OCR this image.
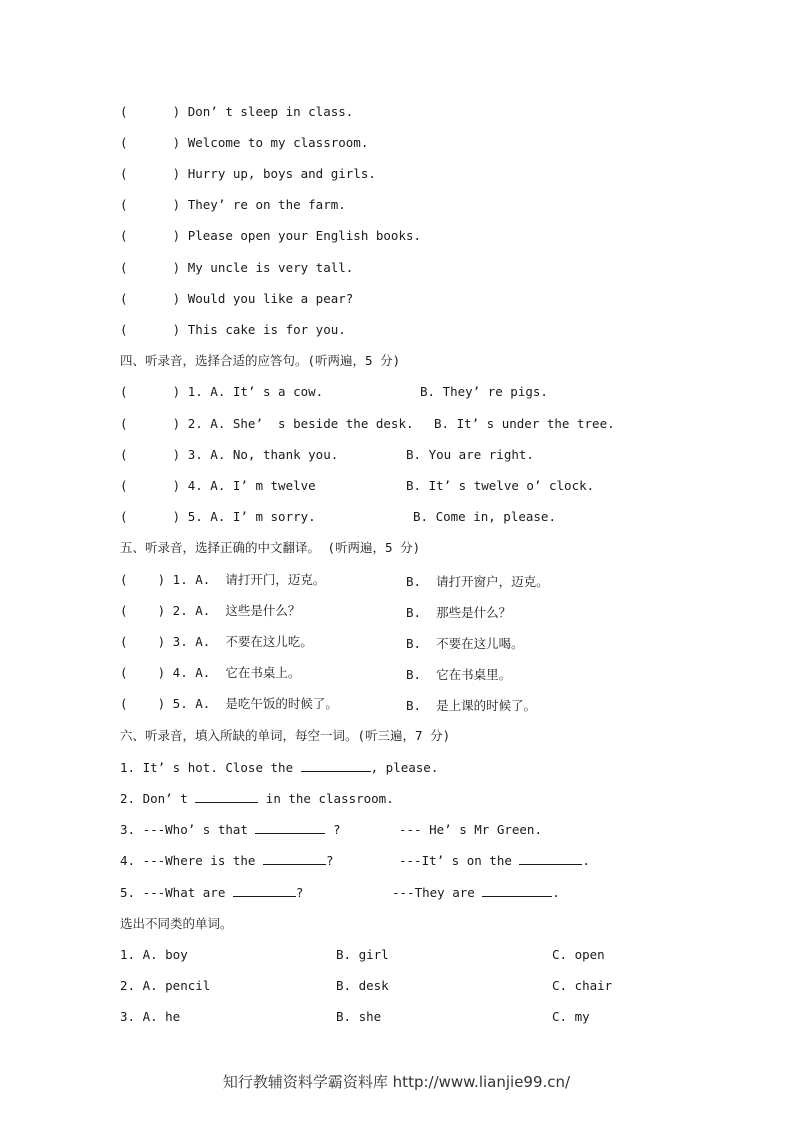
(      ) Don’ t sleep in class.
(      ) Welcome to my classroom.
(      ) Hurry up, boys and girls.
(      ) They’ re on the farm.
(      ) Please open your English books.
(      ) My uncle is very tall.
(      ) Would you like a pear?
(      ) This cake is for you.
四、听录音，选择合适的应答句。(听两遍，5 分)
(      ) 1. A. It’ s a cow.	B. They’ re pigs.
(      ) 2. A. She’  s beside the desk. B. It’ s under the tree.
(      ) 3. A. No, thank you.	B. You are right.
(      ) 4. A. I’ m twelve	B. It’ s twelve o’ clock.
(      ) 5. A. I’ m sorry.	B. Come in, please.
五、听录音，选择正确的中文翻译。 (听两遍，5 分)
(    ) 1. A.  请打开门，迈克。	B.  请打开窗户，迈克。
(    ) 2. A.  这些是什么？	B.  那些是什么？
(    ) 3. A.  不要在这儿吃。	B.  不要在这儿喝。
(    ) 4. A.  它在书桌上。	B.  它在书桌里。
(    ) 5. A.  是吃午饭的时候了。	B.  是上课的时候了。
六、听录音，填入所缺的单词，每空一词。(听三遍，7 分)
1. It’ s hot. Close the	, please.
2. Don’ t	in the classroom.
3. ---Who’ s that	?	--- He’ s Mr Green.
4. ---Where is the	?	---It’ s on the	.
5. ---What are	?	---They are	.
选出不同类的单词。
1. A. boy	B. girl	C. open
2. A. pencil	B. desk	C. chair
3. A. he	B. she	C. my
知行教辅资料学霸资料库 http://www.lianjie99.cn/
